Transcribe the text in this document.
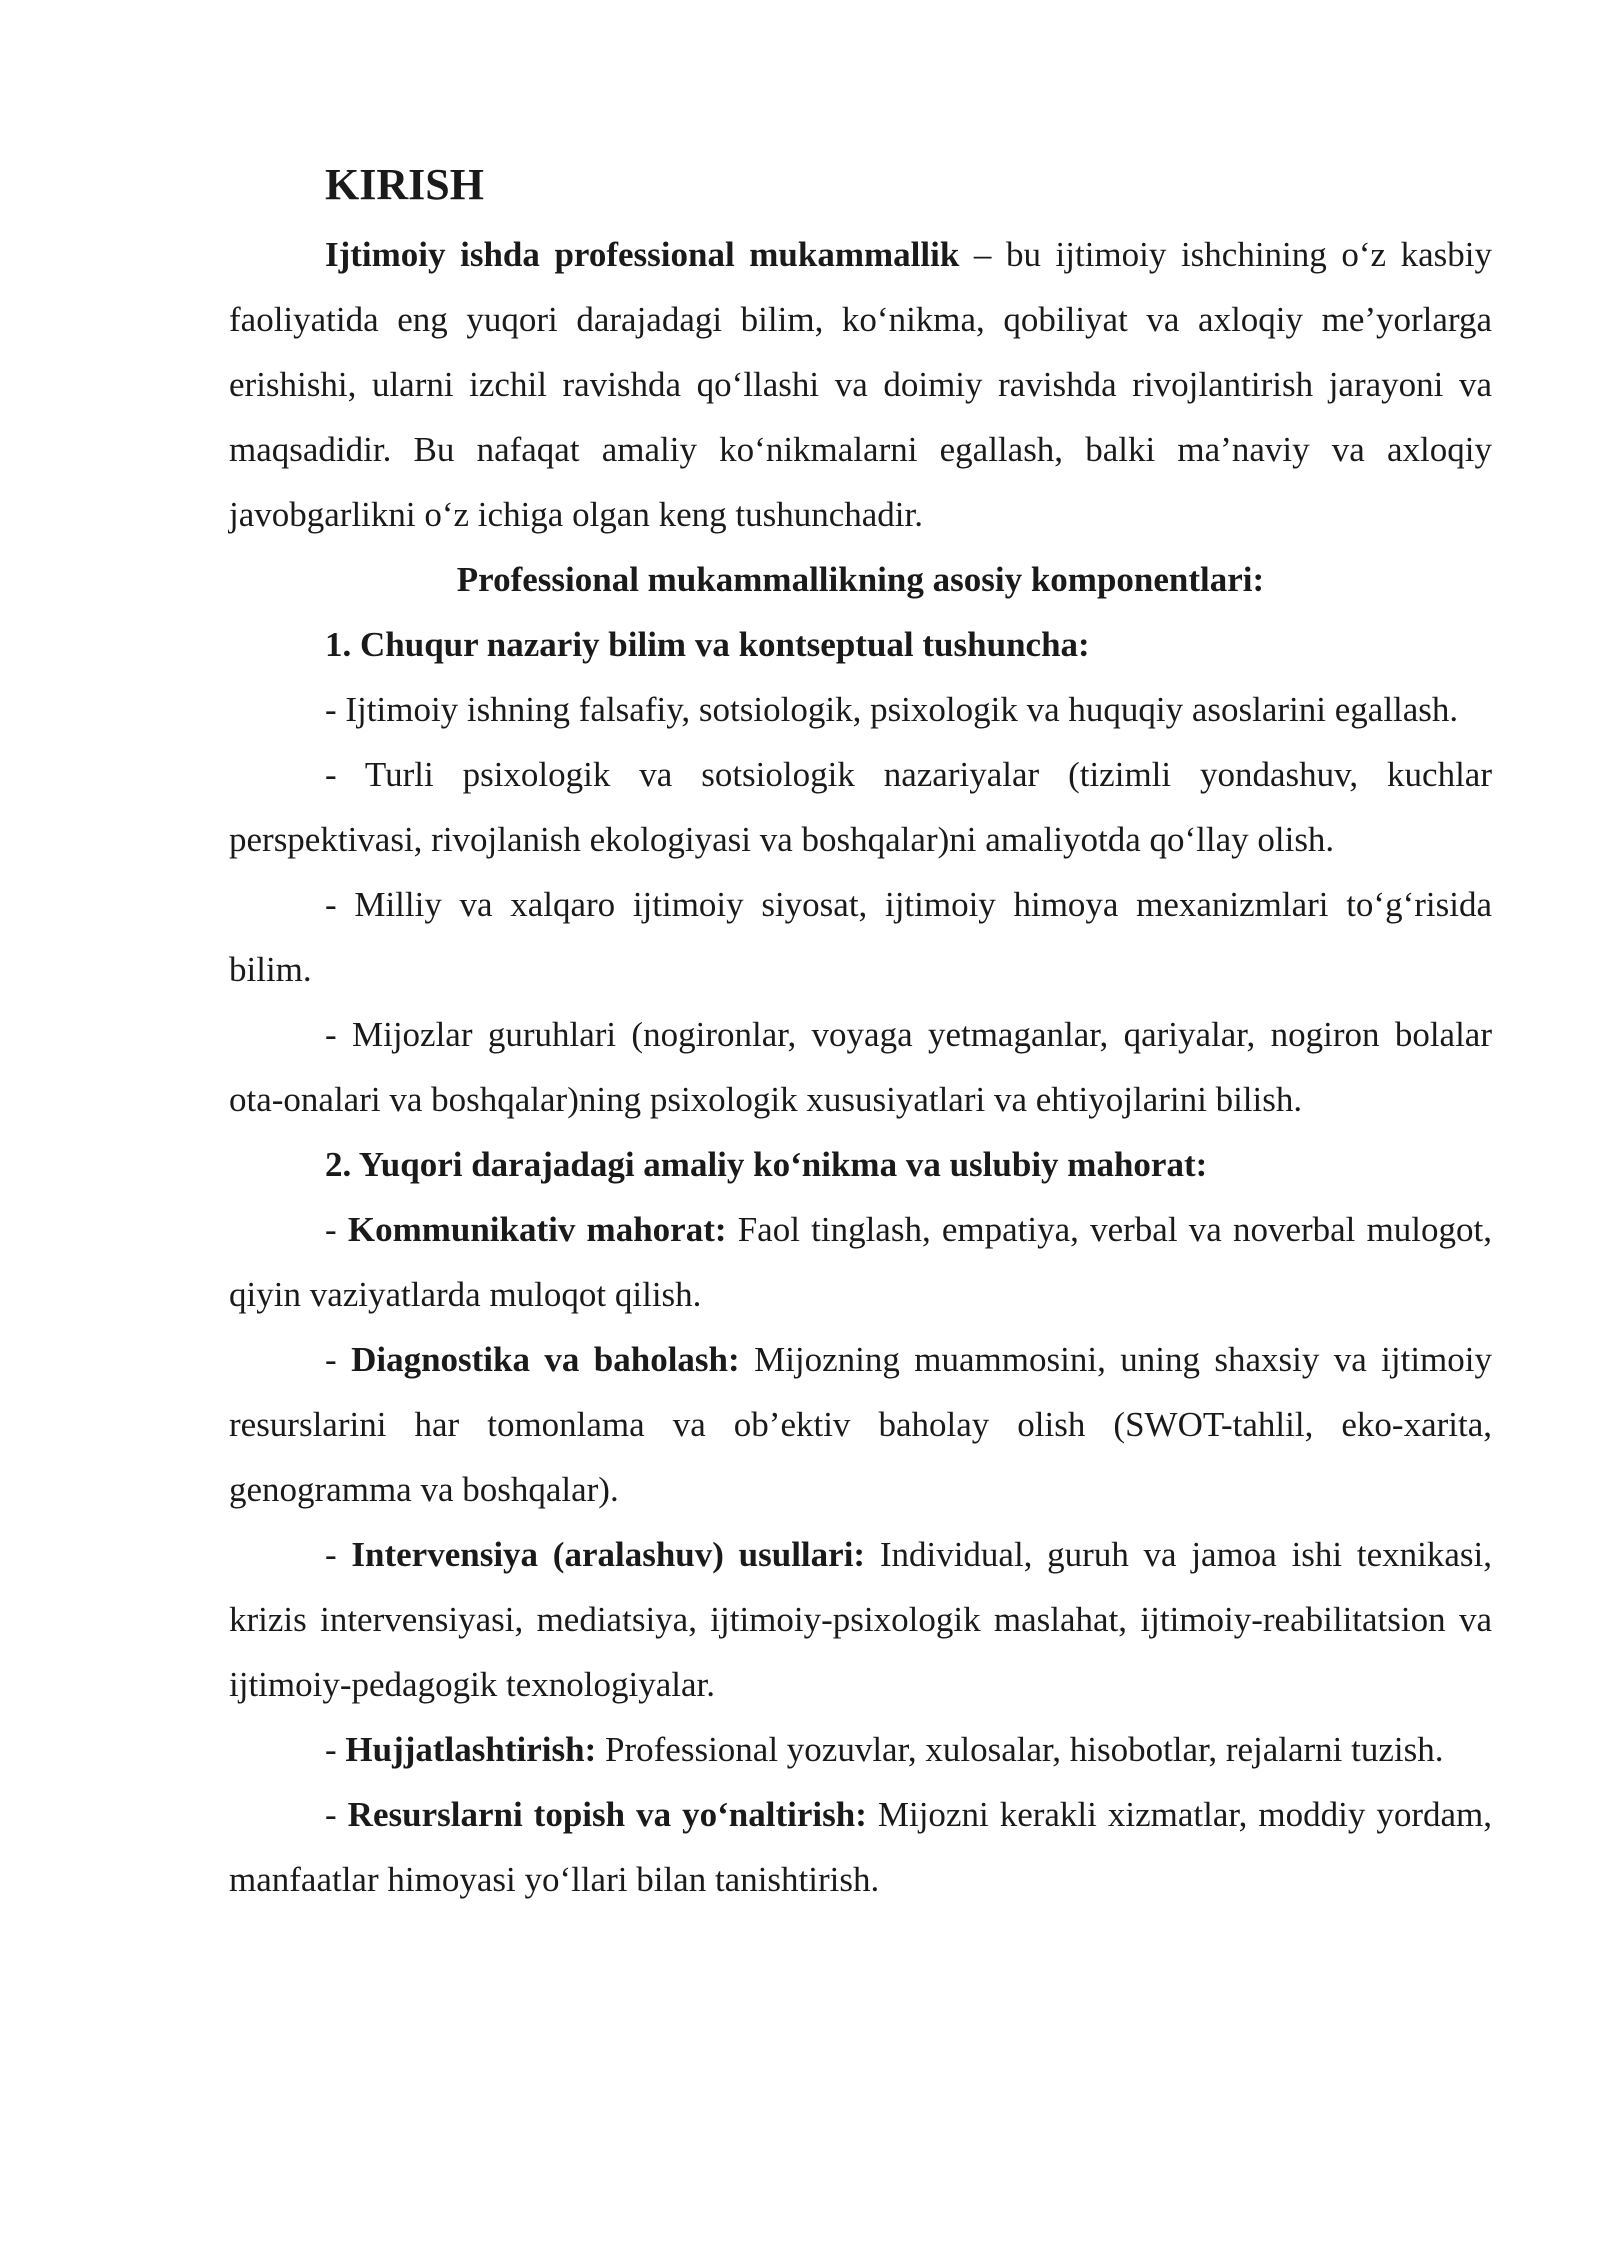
KIRISH

Ijtimoiy ishda professional mukammallik – bu ijtimoiy ishchining o‘z kasbiy faoliyatida eng yuqori darajadagi bilim, ko‘nikma, qobiliyat va axloqiy me’yorlarga erishishi, ularni izchil ravishda qo‘llashi va doimiy ravishda rivojlantirish jarayoni va maqsadidir. Bu nafaqat amaliy ko‘nikmalarni egallash, balki ma’naviy va axloqiy javobgarlikni o‘z ichiga olgan keng tushunchadir.

Professional mukammallikning asosiy komponentlari:

1. Chuqur nazariy bilim va kontseptual tushuncha:

- Ijtimoiy ishning falsafiy, sotsiologik, psixologik va huquqiy asoslarini egallash.

- Turli psixologik va sotsiologik nazariyalar (tizimli yondashuv, kuchlar perspektivasi, rivojlanish ekologiyasi va boshqalar)ni amaliyotda qo‘llay olish.

- Milliy va xalqaro ijtimoiy siyosat, ijtimoiy himoya mexanizmlari to‘g‘risida bilim.

- Mijozlar guruhlari (nogironlar, voyaga yetmaganlar, qariyalar, nogiron bolalar ota-onalari va boshqalar)ning psixologik xususiyatlari va ehtiyojlarini bilish.

2. Yuqori darajadagi amaliy ko‘nikma va uslubiy mahorat:

- Kommunikativ mahorat: Faol tinglash, empatiya, verbal va noverbal mulogot, qiyin vaziyatlarda muloqot qilish.

- Diagnostika va baholash: Mijozning muammosini, uning shaxsiy va ijtimoiy resurslarini har tomonlama va ob’ektiv baholay olish (SWOT-tahlil, eko-xarita, genogramma va boshqalar).

- Intervensiya (aralashuv) usullari: Individual, guruh va jamoa ishi texnikasi, krizis intervensiyasi, mediatsiya, ijtimoiy-psixologik maslahat, ijtimoiy-reabilitatsion va ijtimoiy-pedagogik texnologiyalar.

- Hujjatlashtirish: Professional yozuvlar, xulosalar, hisobotlar, rejalarni tuzish.

- Resurslarni topish va yo‘naltirish: Mijozni kerakli xizmatlar, moddiy yordam, manfaatlar himoyasi yo‘llari bilan tanishtirish.
